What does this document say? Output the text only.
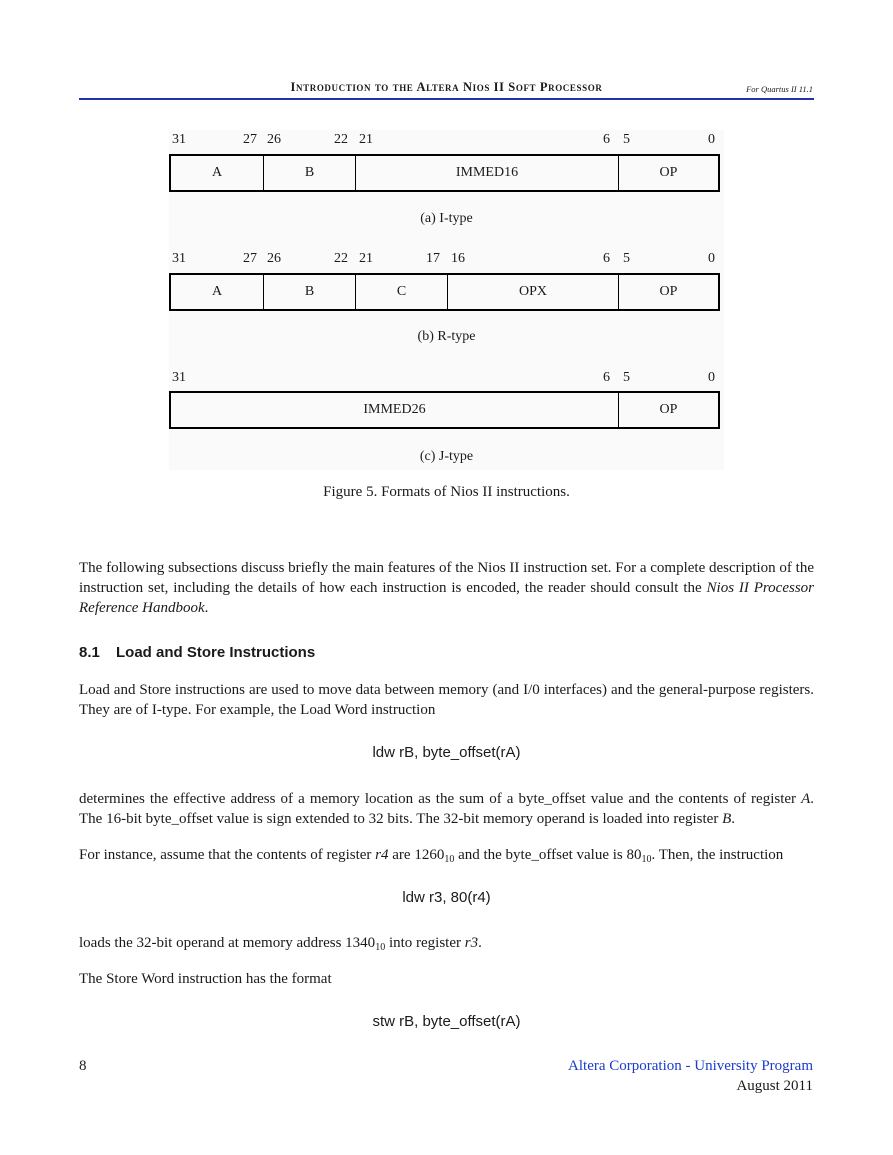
Introduction to the Altera Nios II Soft Processor	For Quartus II 11.1
31	27 26	22 21	6 5	0
A	B	IMMED16	OP
(a) I-type
31	27 26	22 21	17 16	6 5	0
A	B	C	OPX	OP
(b) R-type
31	6 5	0
IMMED26	OP
(c) J-type
Figure 5. Formats of Nios II instructions.
The following subsections discuss briefly the main features of the Nios II instruction set. For a complete description of the instruction set, including the details of how each instruction is encoded, the reader should consult the Nios II Processor Reference Handbook.
8.1 Load and Store Instructions
Load and Store instructions are used to move data between memory (and I/0 interfaces) and the general-purpose registers. They are of I-type. For example, the Load Word instruction
ldw rB, byte_offset(rA)
determines the effective address of a memory location as the sum of a byte_offset value and the contents of register A. The 16-bit byte_offset value is sign extended to 32 bits. The 32-bit memory operand is loaded into register B.
For instance, assume that the contents of register r4 are $1260_{10}$ and the byte_offset value is $80_{10}$. Then, the instruction
ldw r3, 80(r4)
loads the 32-bit operand at memory address $1340_{10}$ into register r3.
The Store Word instruction has the format
stw rB, byte_offset(rA)
8	Altera Corporation - University Program
August 2011
